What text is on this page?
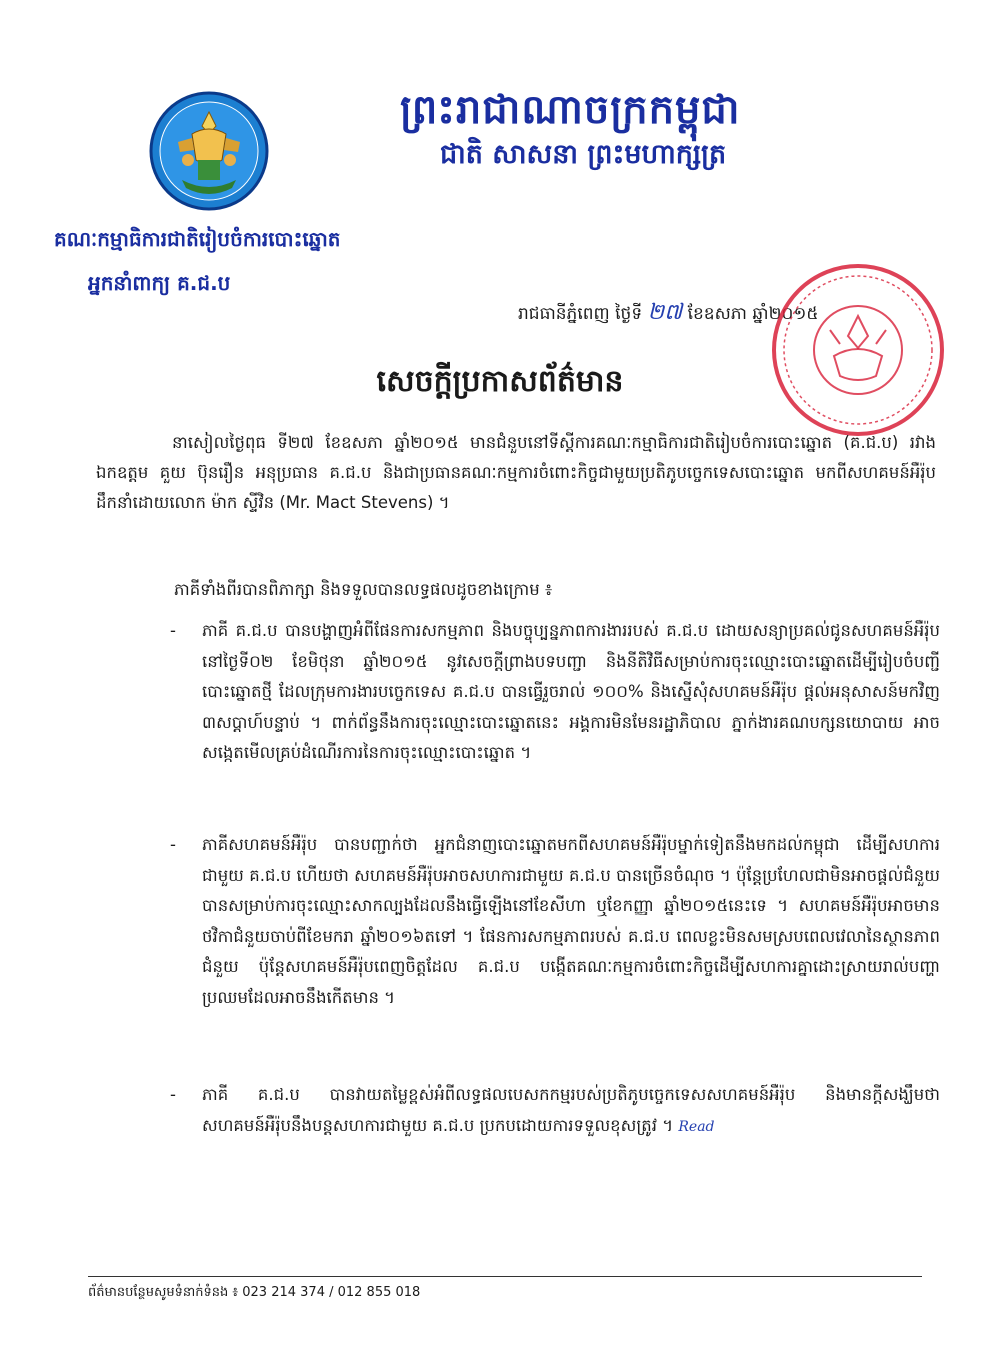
ព្រះរាជាណាចក្រកម្ពុជា
ជាតិ សាសនា ព្រះមហាក្សត្រ
គណៈកម្មាធិការជាតិរៀបចំការបោះឆ្នោត
អ្នកនាំពាក្យ គ.ជ.ប
រាជធានីភ្នំពេញ ថ្ងៃទី ២៧ ខែឧសភា ឆ្នាំ២០១៥
សេចក្ដីប្រកាសព័ត៌មាន
នាសៀលថ្ងៃពុធ ទី២៧ ខែឧសភា ឆ្នាំ២០១៥ មានជំនួបនៅទីស្ដីការគណៈកម្មាធិការជាតិរៀបចំការបោះឆ្នោត (គ.ជ.ប) រវាង ឯកឧត្ដម គួយ ប៊ុនរឿន អនុប្រធាន គ.ជ.ប និងជាប្រធានគណៈកម្មការចំពោះកិច្ចជាមួយប្រតិភូបច្ចេកទេសបោះឆ្នោត មកពីសហគមន៍អឺរ៉ុប ដឹកនាំដោយលោក ម៉ាក ស្ទីវិន (Mr. Mact Stevens) ។
ភាគីទាំងពីរបានពិភាក្សា និងទទួលបានលទ្ធផលដូចខាងក្រោម ៖
-	ភាគី គ.ជ.ប បានបង្ហាញអំពីផែនការសកម្មភាព និងបច្ចុប្បន្នភាពការងាររបស់ គ.ជ.ប ដោយសន្យាប្រគល់ជូនសហគមន៍អឺរ៉ុប នៅថ្ងៃទី០២ ខែមិថុនា ឆ្នាំ២០១៥ នូវសេចក្ដីព្រាងបទបញ្ជា និងនីតិវិធីសម្រាប់ការចុះឈ្មោះបោះឆ្នោតដើម្បីរៀបចំបញ្ជីបោះឆ្នោតថ្មី ដែលក្រុមការងារបច្ចេកទេស គ.ជ.ប បានធ្វើរួចរាល់ ១០០% និងស្នើសុំសហគមន៍អឺរ៉ុប ផ្ដល់អនុសាសន៍មកវិញ ៣សប្ដាហ៍បន្ទាប់ ។ ពាក់ព័ន្ធនឹងការចុះឈ្មោះបោះឆ្នោតនេះ អង្គការមិនមែនរដ្ឋាភិបាល ភ្នាក់ងារគណបក្សនយោបាយ អាចសង្កេតមើលគ្រប់ដំណើរការនៃការចុះឈ្មោះបោះឆ្នោត ។
-	ភាគីសហគមន៍អឺរ៉ុប បានបញ្ជាក់ថា អ្នកជំនាញបោះឆ្នោតមកពីសហគមន៍អឺរ៉ុបម្នាក់ទៀតនឹងមកដល់កម្ពុជា ដើម្បីសហការជាមួយ គ.ជ.ប ហើយថា សហគមន៍អឺរ៉ុបអាចសហការជាមួយ គ.ជ.ប បានច្រើនចំណុច ។ ប៉ុន្តែប្រហែលជាមិនអាចផ្ដល់ជំនួយបានសម្រាប់ការចុះឈ្មោះសាកល្បងដែលនឹងធ្វើឡើងនៅខែសីហា ឬខែកញ្ញា ឆ្នាំ២០១៥នេះទេ ។ សហគមន៍អឺរ៉ុបអាចមានថវិកាជំនួយចាប់ពីខែមករា ឆ្នាំ២០១៦តទៅ ។ ផែនការសកម្មភាពរបស់ គ.ជ.ប ពេលខ្លះមិនសមស្របពេលវេលានៃស្ថានភាពជំនួយ ប៉ុន្តែសហគមន៍អឺរ៉ុបពេញចិត្តដែល គ.ជ.ប បង្កើតគណៈកម្មការចំពោះកិច្ចដើម្បីសហការគ្នាដោះស្រាយរាល់បញ្ហាប្រឈមដែលអាចនឹងកើតមាន ។
-	ភាគី គ.ជ.ប បានវាយតម្លៃខ្ពស់អំពីលទ្ធផលបេសកកម្មរបស់ប្រតិភូបច្ចេកទេសសហគមន៍អឺរ៉ុប និងមានក្ដីសង្ឃឹមថា សហគមន៍អឺរ៉ុបនឹងបន្តសហការជាមួយ គ.ជ.ប ប្រកបដោយការទទួលខុសត្រូវ ។ Read
ព័ត៌មានបន្ថែមសូមទំនាក់ទំនង ៖ 023 214 374 / 012 855 018
